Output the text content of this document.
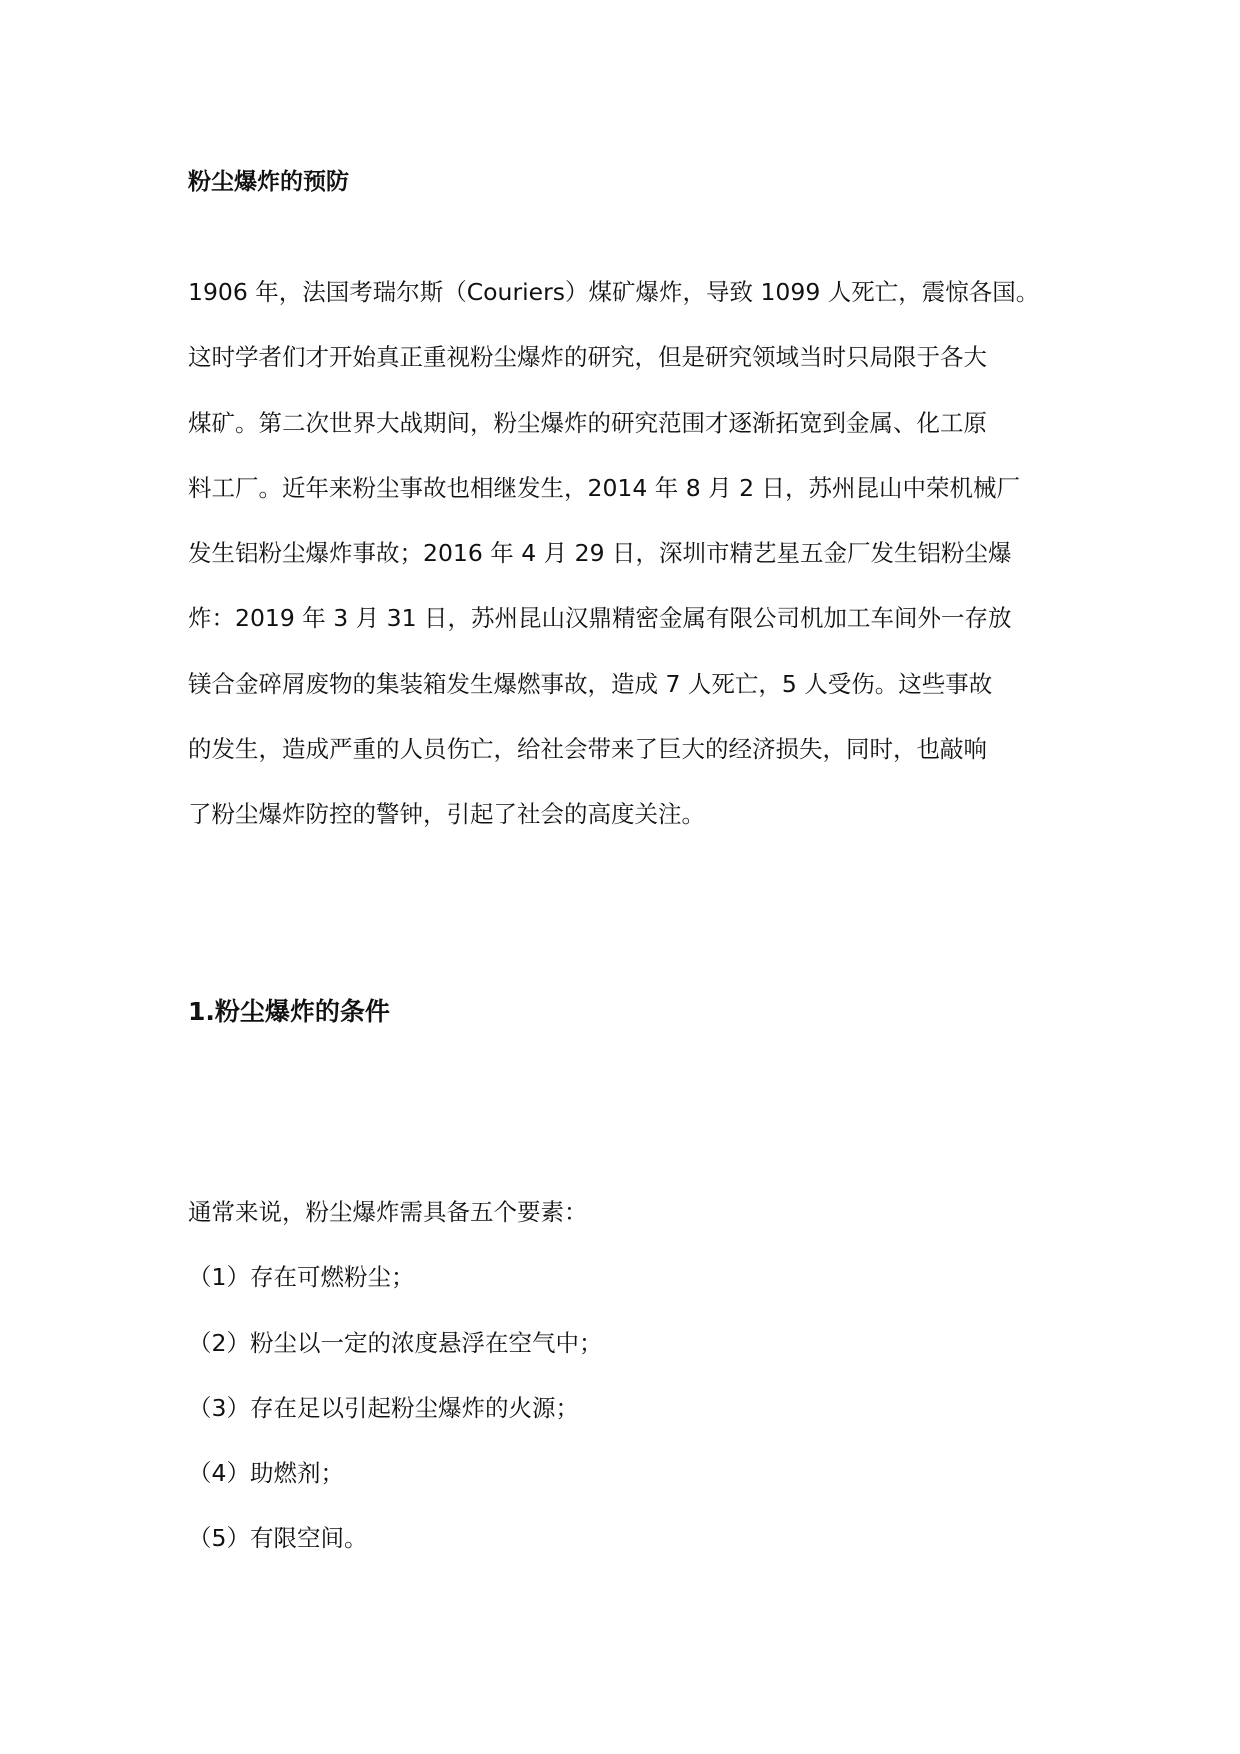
粉尘爆炸的预防
1906 年，法国考瑞尔斯（Couriers）煤矿爆炸，导致 1099 人死亡，震惊各国。
这时学者们才开始真正重视粉尘爆炸的研究，但是研究领域当时只局限于各大
煤矿。第二次世界大战期间，粉尘爆炸的研究范围才逐渐拓宽到金属、化工原
料工厂。近年来粉尘事故也相继发生，2014 年 8 月 2 日，苏州昆山中荣机械厂
发生铝粉尘爆炸事故；2016 年 4 月 29 日，深圳市精艺星五金厂发生铝粉尘爆
炸：2019 年 3 月 31 日，苏州昆山汉鼎精密金属有限公司机加工车间外一存放
镁合金碎屑废物的集装箱发生爆燃事故，造成 7 人死亡，5 人受伤。这些事故
的发生，造成严重的人员伤亡，给社会带来了巨大的经济损失，同时，也敲响
了粉尘爆炸防控的警钟，引起了社会的高度关注。
1.粉尘爆炸的条件
通常来说，粉尘爆炸需具备五个要素：
（1）存在可燃粉尘；
（2）粉尘以一定的浓度悬浮在空气中；
（3）存在足以引起粉尘爆炸的火源；
（4）助燃剂；
（5）有限空间。
